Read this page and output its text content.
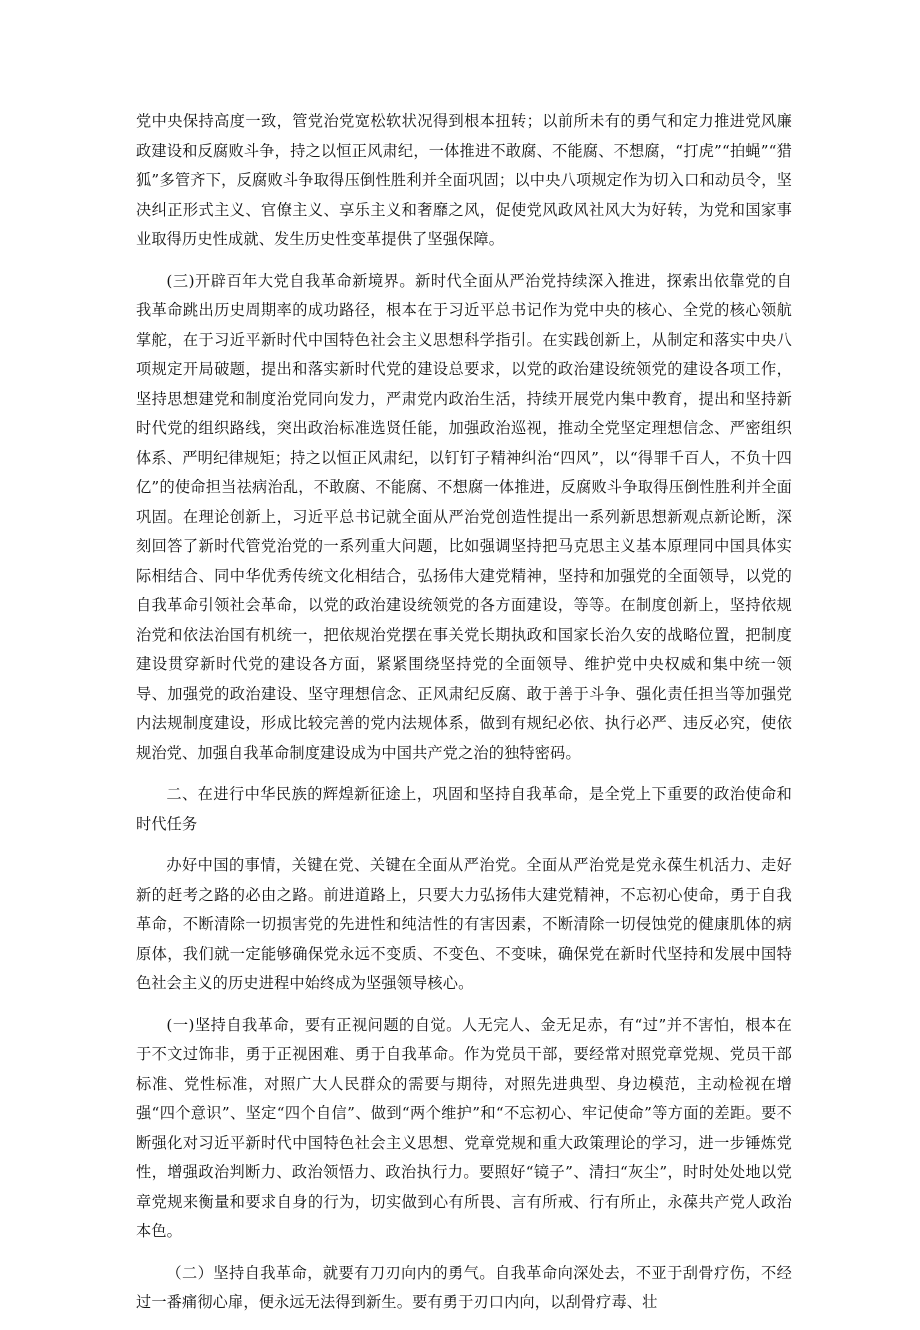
党中央保持高度一致，管党治党宽松软状况得到根本扭转；以前所未有的勇气和定力推进党风廉政建设和反腐败斗争，持之以恒正风肃纪，一体推进不敢腐、不能腐、不想腐，“打虎”“拍蝇”“猎狐”多管齐下，反腐败斗争取得压倒性胜利并全面巩固；以中央八项规定作为切入口和动员令，坚决纠正形式主义、官僚主义、享乐主义和奢靡之风，促使党风政风社风大为好转，为党和国家事业取得历史性成就、发生历史性变革提供了坚强保障。

(三)开辟百年大党自我革命新境界。新时代全面从严治党持续深入推进，探索出依靠党的自我革命跳出历史周期率的成功路径，根本在于习近平总书记作为党中央的核心、全党的核心领航掌舵，在于习近平新时代中国特色社会主义思想科学指引。在实践创新上，从制定和落实中央八项规定开局破题，提出和落实新时代党的建设总要求，以党的政治建设统领党的建设各项工作，坚持思想建党和制度治党同向发力，严肃党内政治生活，持续开展党内集中教育，提出和坚持新时代党的组织路线，突出政治标准选贤任能，加强政治巡视，推动全党坚定理想信念、严密组织体系、严明纪律规矩；持之以恒正风肃纪，以钉钉子精神纠治“四风”，以“得罪千百人，不负十四亿”的使命担当祛病治乱，不敢腐、不能腐、不想腐一体推进，反腐败斗争取得压倒性胜利并全面巩固。在理论创新上，习近平总书记就全面从严治党创造性提出一系列新思想新观点新论断，深刻回答了新时代管党治党的一系列重大问题，比如强调坚持把马克思主义基本原理同中国具体实际相结合、同中华优秀传统文化相结合，弘扬伟大建党精神，坚持和加强党的全面领导，以党的自我革命引领社会革命，以党的政治建设统领党的各方面建设，等等。在制度创新上，坚持依规治党和依法治国有机统一，把依规治党摆在事关党长期执政和国家长治久安的战略位置，把制度建设贯穿新时代党的建设各方面，紧紧围绕坚持党的全面领导、维护党中央权威和集中统一领导、加强党的政治建设、坚守理想信念、正风肃纪反腐、敢于善于斗争、强化责任担当等加强党内法规制度建设，形成比较完善的党内法规体系，做到有规纪必依、执行必严、违反必究，使依规治党、加强自我革命制度建设成为中国共产党之治的独特密码。

二、在进行中华民族的辉煌新征途上，巩固和坚持自我革命，是全党上下重要的政治使命和时代任务

办好中国的事情，关键在党、关键在全面从严治党。全面从严治党是党永葆生机活力、走好新的赶考之路的必由之路。前进道路上，只要大力弘扬伟大建党精神，不忘初心使命，勇于自我革命，不断清除一切损害党的先进性和纯洁性的有害因素，不断清除一切侵蚀党的健康肌体的病原体，我们就一定能够确保党永远不变质、不变色、不变味，确保党在新时代坚持和发展中国特色社会主义的历史进程中始终成为坚强领导核心。

(一)坚持自我革命，要有正视问题的自觉。人无完人、金无足赤，有“过”并不害怕，根本在于不文过饰非，勇于正视困难、勇于自我革命。作为党员干部，要经常对照党章党规、党员干部标准、党性标准，对照广大人民群众的需要与期待，对照先进典型、身边模范，主动检视在增强“四个意识”、坚定“四个自信”、做到“两个维护”和“不忘初心、牢记使命”等方面的差距。要不断强化对习近平新时代中国特色社会主义思想、党章党规和重大政策理论的学习，进一步锤炼党性，增强政治判断力、政治领悟力、政治执行力。要照好“镜子”、清扫“灰尘”，时时处处地以党章党规来衡量和要求自身的行为，切实做到心有所畏、言有所戒、行有所止，永葆共产党人政治本色。

（二）坚持自我革命，就要有刀刃向内的勇气。自我革命向深处去，不亚于刮骨疗伤，不经过一番痛彻心扉，便永远无法得到新生。要有勇于刃口内向，以刮骨疗毒、壮
